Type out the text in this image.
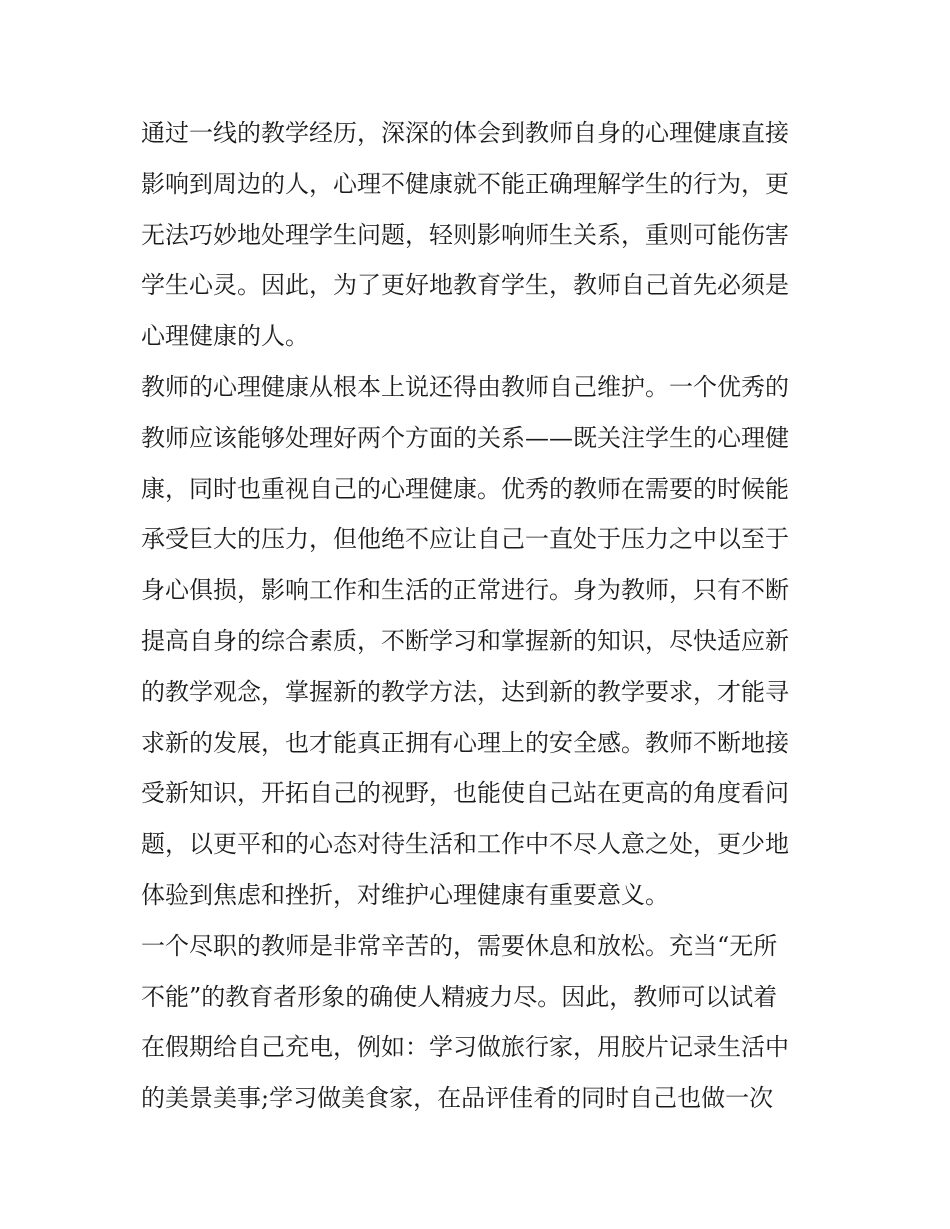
通过一线的教学经历，深深的体会到教师自身的心理健康直接
影响到周边的人，心理不健康就不能正确理解学生的行为，更
无法巧妙地处理学生问题，轻则影响师生关系，重则可能伤害
学生心灵。因此，为了更好地教育学生，教师自己首先必须是
心理健康的人。
教师的心理健康从根本上说还得由教师自己维护。一个优秀的
教师应该能够处理好两个方面的关系——既关注学生的心理健
康，同时也重视自己的心理健康。优秀的教师在需要的时候能
承受巨大的压力，但他绝不应让自己一直处于压力之中以至于
身心俱损，影响工作和生活的正常进行。身为教师，只有不断
提高自身的综合素质，不断学习和掌握新的知识，尽快适应新
的教学观念，掌握新的教学方法，达到新的教学要求，才能寻
求新的发展，也才能真正拥有心理上的安全感。教师不断地接
受新知识，开拓自己的视野，也能使自己站在更高的角度看问
题，以更平和的心态对待生活和工作中不尽人意之处，更少地
体验到焦虑和挫折，对维护心理健康有重要意义。
一个尽职的教师是非常辛苦的，需要休息和放松。充当“无所
不能”的教育者形象的确使人精疲力尽。因此，教师可以试着
在假期给自己充电，例如：学习做旅行家，用胶片记录生活中
的美景美事;学习做美食家，在品评佳肴的同时自己也做一次
